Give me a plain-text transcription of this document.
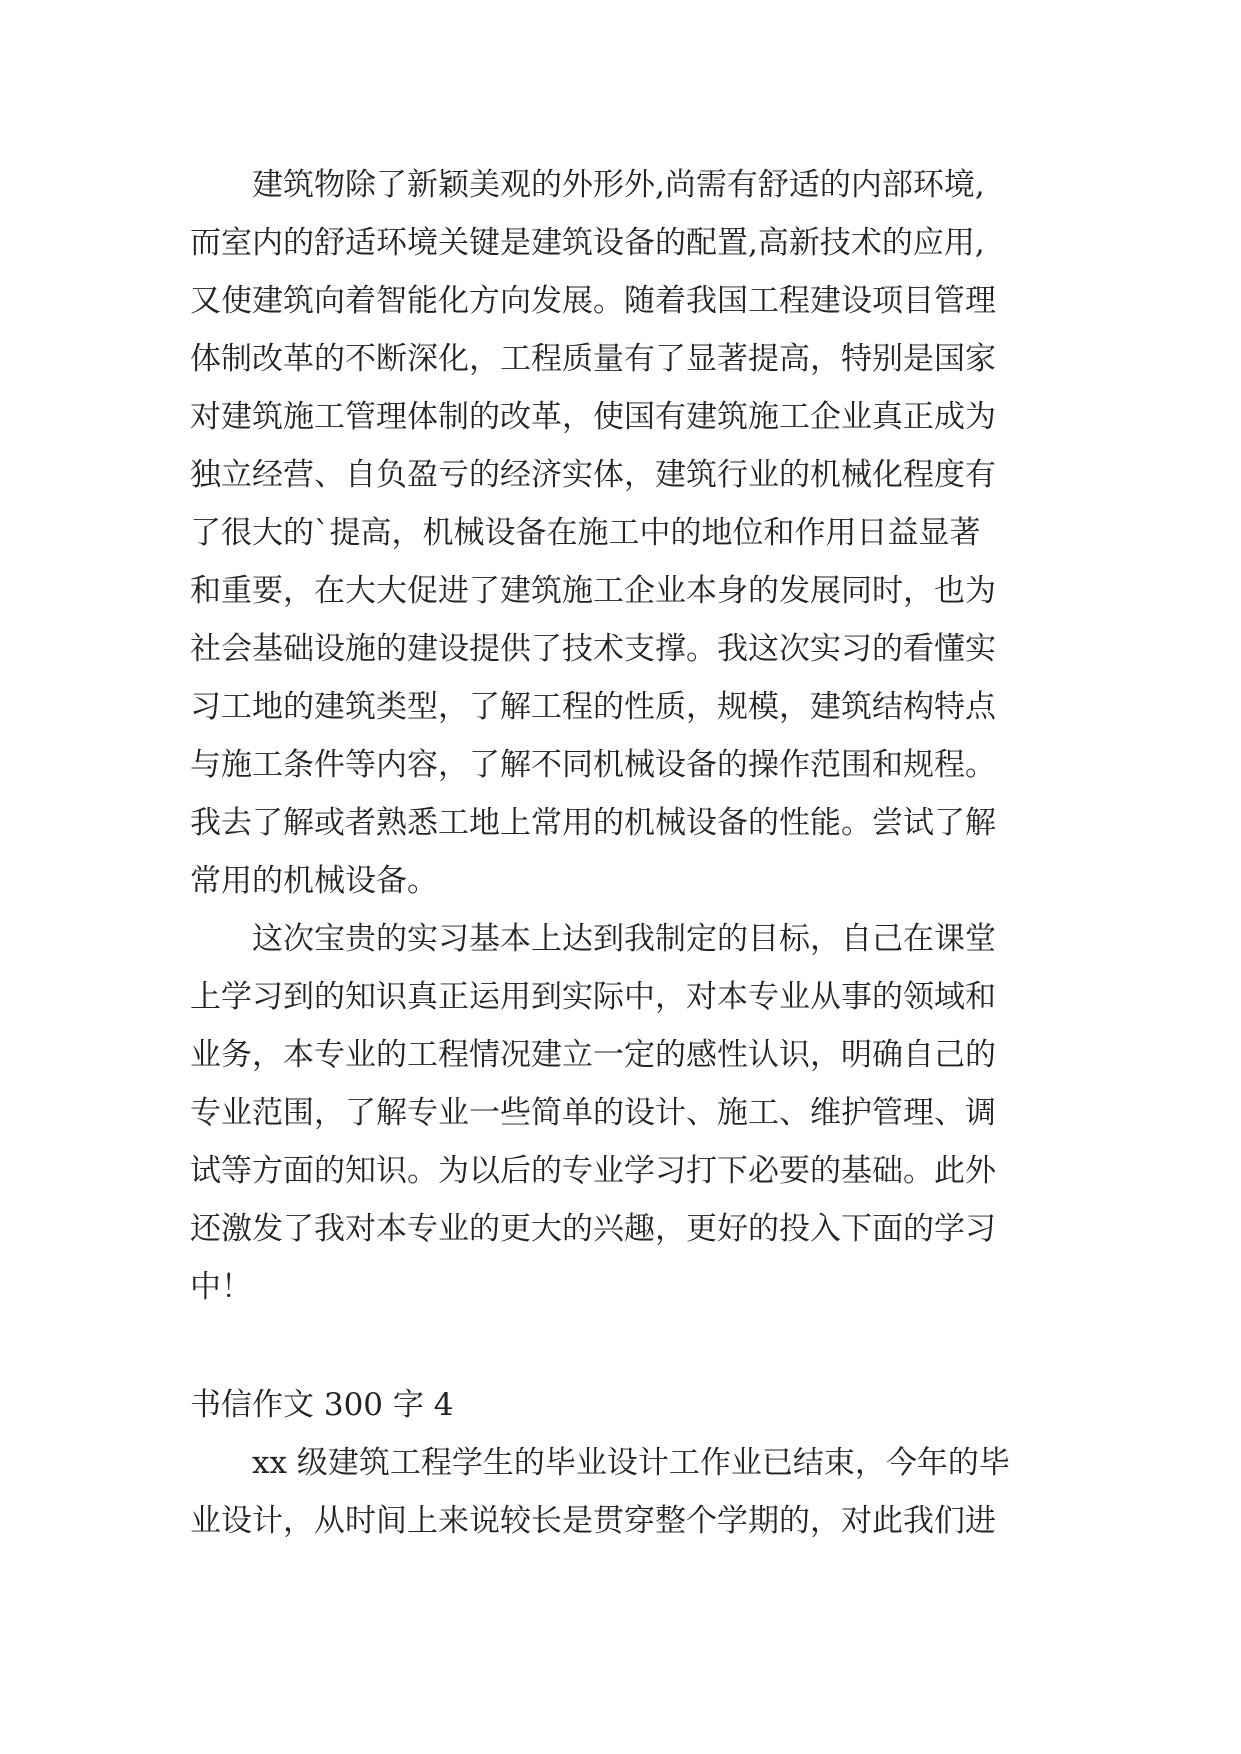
建筑物除了新颖美观的外形外,尚需有舒适的内部环境,
而室内的舒适环境关键是建筑设备的配置,高新技术的应用,
又使建筑向着智能化方向发展。随着我国工程建设项目管理
体制改革的不断深化，工程质量有了显著提高，特别是国家
对建筑施工管理体制的改革，使国有建筑施工企业真正成为
独立经营、自负盈亏的经济实体，建筑行业的机械化程度有
了很大的`提高，机械设备在施工中的地位和作用日益显著
和重要，在大大促进了建筑施工企业本身的发展同时，也为
社会基础设施的建设提供了技术支撑。我这次实习的看懂实
习工地的建筑类型，了解工程的性质，规模，建筑结构特点
与施工条件等内容，了解不同机械设备的操作范围和规程。
我去了解或者熟悉工地上常用的机械设备的性能。尝试了解
常用的机械设备。
这次宝贵的实习基本上达到我制定的目标，自己在课堂
上学习到的知识真正运用到实际中，对本专业从事的领域和
业务，本专业的工程情况建立一定的感性认识，明确自己的
专业范围，了解专业一些简单的设计、施工、维护管理、调
试等方面的知识。为以后的专业学习打下必要的基础。此外
还激发了我对本专业的更大的兴趣，更好的投入下面的学习
中！
书信作文 300 字 4
xx 级建筑工程学生的毕业设计工作业已结束，今年的毕
业设计，从时间上来说较长是贯穿整个学期的，对此我们进
